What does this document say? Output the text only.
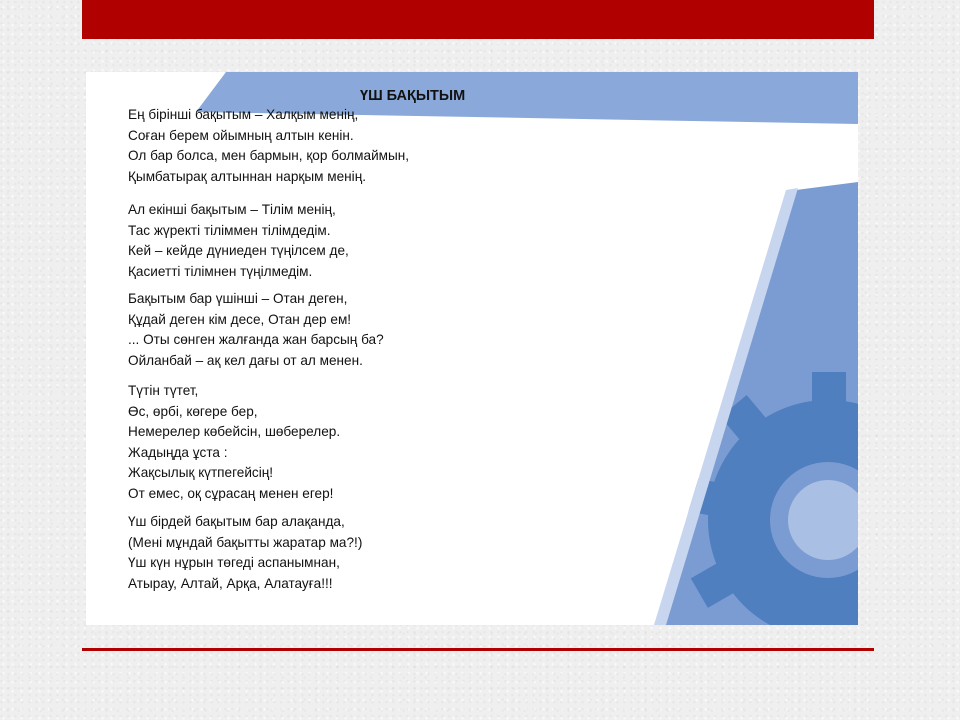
ҮШ БАҚЫТЫМ
Ең бірінші бақытым – Халқым менің,
Соған берем ойымның алтын кенін.
Ол бар болса, мен бармын, қор болмаймын,
Қымбатырақ алтыннан нарқым менің.
Ал екінші бақытым – Тілім менің,
Тас жүректі тіліммен тілімдедім.
Кей – кейде дүниеден түңілсем де,
Қасиетті тілімнен түңілмедім.
Бақытым бар үшінші – Отан деген,
Құдай деген кім десе, Отан дер ем!
... Оты сөнген жалғанда жан барсың ба?
Ойланбай – ақ кел дағы от ал менен.
Түтін түтет,
Өс, өрбі, көгере бер,
Немерелер көбейсін, шөберелер.
Жадыңда ұста :
Жақсылық күтпегейсің!
От емес, оқ сұрасаң менен егер!
Үш бірдей бақытым бар алақанда,
(Мені мұндай бақытты жаратар ма?!)
Үш күн нұрын төгеді аспанымнан,
Атырау, Алтай, Арқа, Алатауға!!!
